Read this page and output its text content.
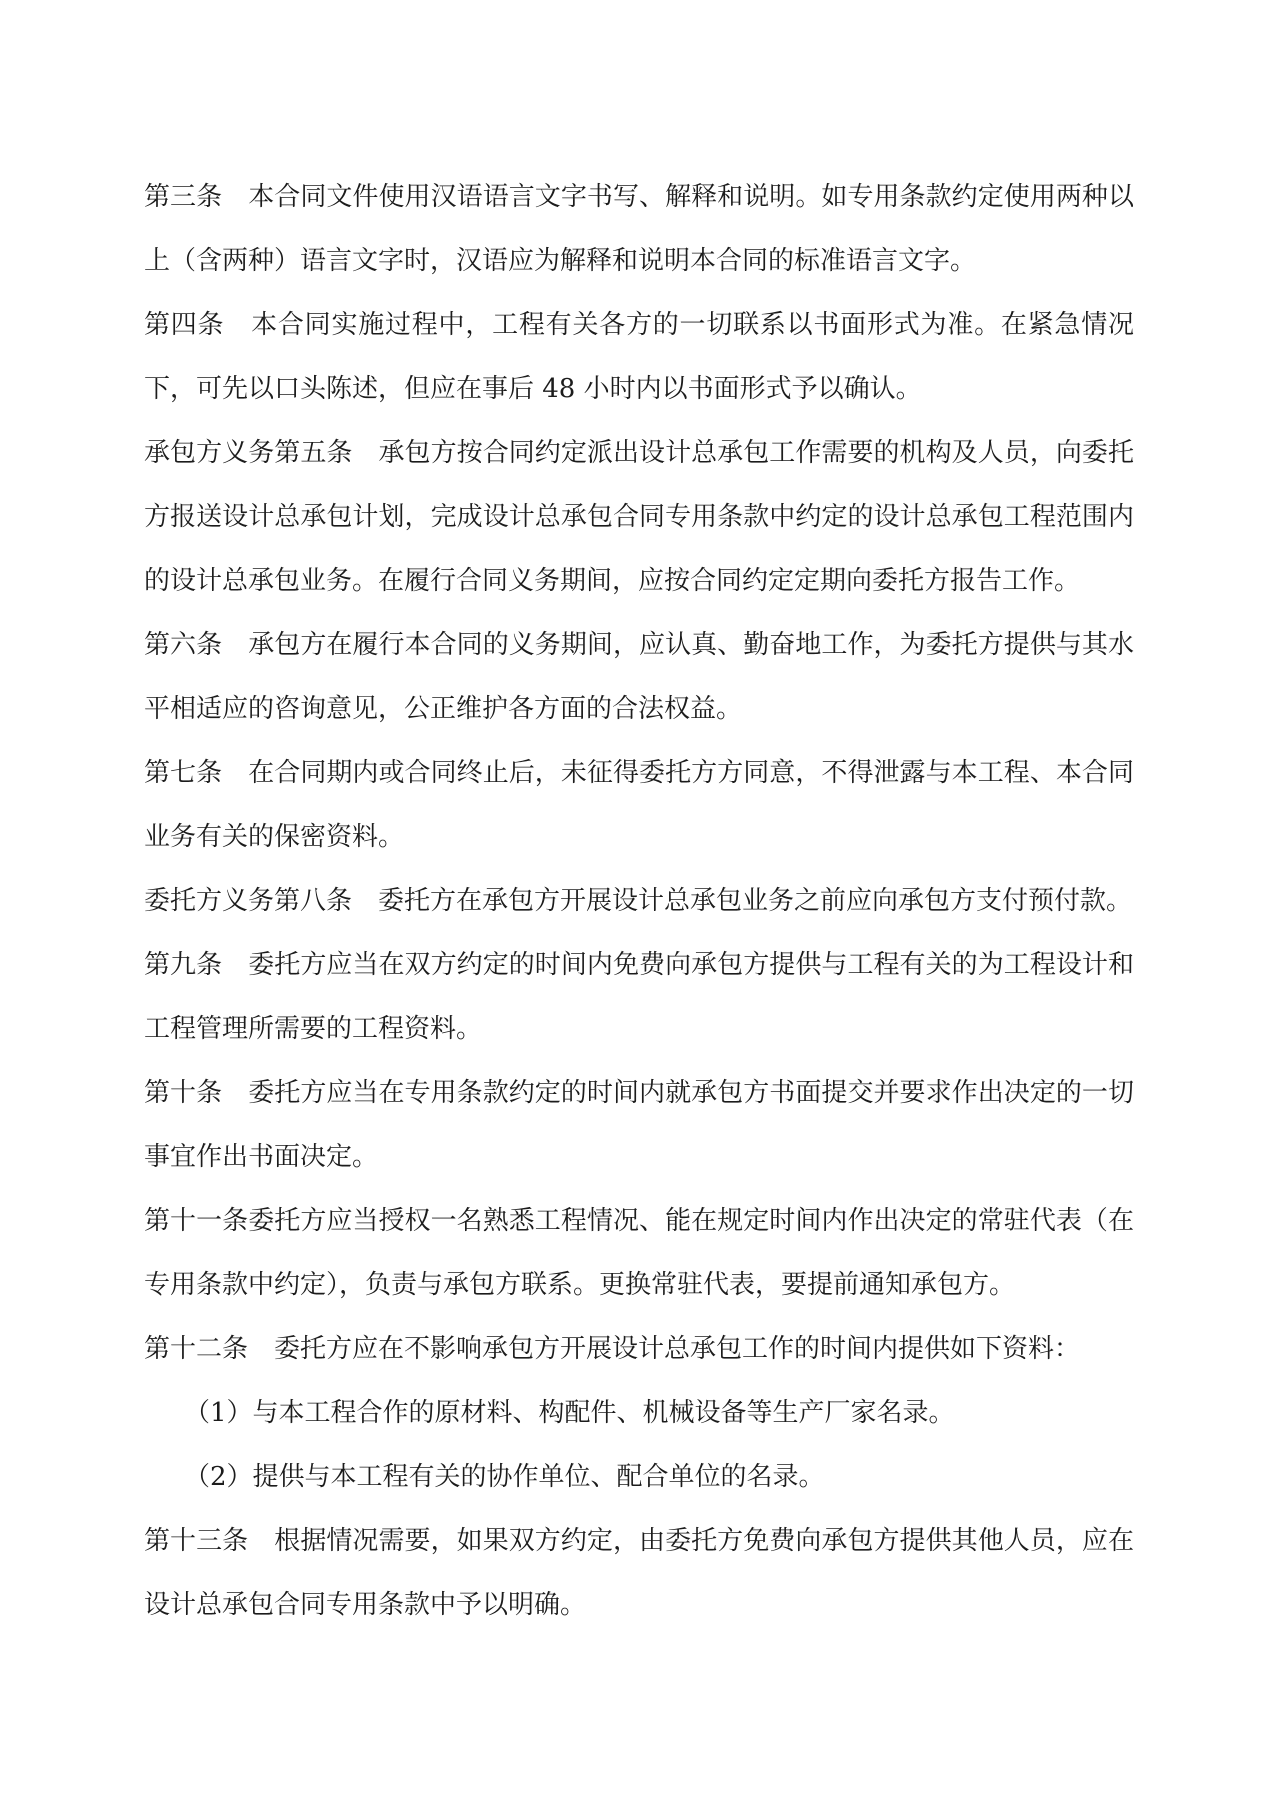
第三条　本合同文件使用汉语语言文字书写、解释和说明。如专用条款约定使用两种以上（含两种）语言文字时，汉语应为解释和说明本合同的标准语言文字。

第四条　本合同实施过程中，工程有关各方的一切联系以书面形式为准。在紧急情况下，可先以口头陈述，但应在事后 48 小时内以书面形式予以确认。

承包方义务第五条　承包方按合同约定派出设计总承包工作需要的机构及人员，向委托方报送设计总承包计划，完成设计总承包合同专用条款中约定的设计总承包工程范围内的设计总承包业务。在履行合同义务期间，应按合同约定定期向委托方报告工作。

第六条　承包方在履行本合同的义务期间，应认真、勤奋地工作，为委托方提供与其水平相适应的咨询意见，公正维护各方面的合法权益。

第七条　在合同期内或合同终止后，未征得委托方方同意，不得泄露与本工程、本合同业务有关的保密资料。

委托方义务第八条　委托方在承包方开展设计总承包业务之前应向承包方支付预付款。

第九条　委托方应当在双方约定的时间内免费向承包方提供与工程有关的为工程设计和工程管理所需要的工程资料。

第十条　委托方应当在专用条款约定的时间内就承包方书面提交并要求作出决定的一切事宜作出书面决定。

第十一条委托方应当授权一名熟悉工程情况、能在规定时间内作出决定的常驻代表（在专用条款中约定），负责与承包方联系。更换常驻代表，要提前通知承包方。

第十二条　委托方应在不影响承包方开展设计总承包工作的时间内提供如下资料：

（1）与本工程合作的原材料、构配件、机械设备等生产厂家名录。

（2）提供与本工程有关的协作单位、配合单位的名录。

第十三条　根据情况需要，如果双方约定，由委托方免费向承包方提供其他人员，应在设计总承包合同专用条款中予以明确。
